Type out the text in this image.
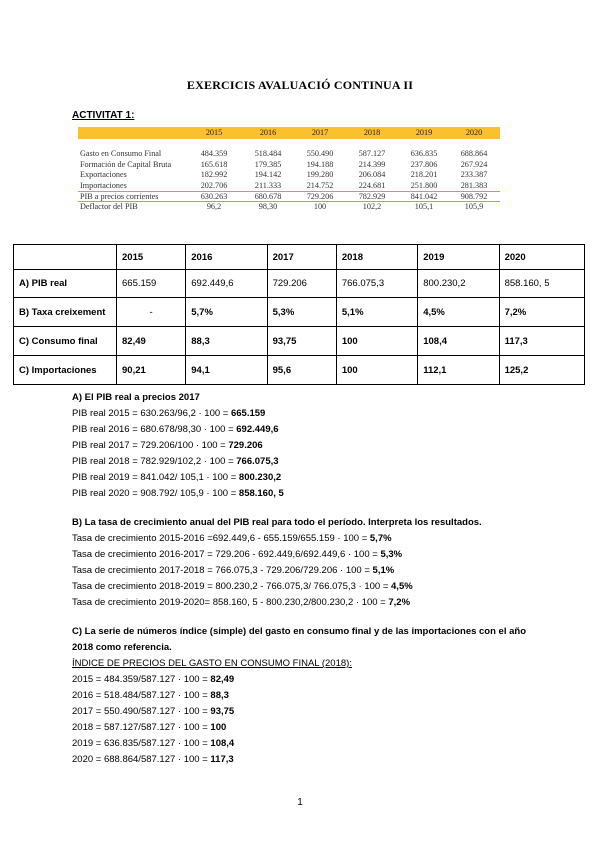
EXERCICIS AVALUACIÓ CONTINUA II
ACTIVITAT 1:
2015	2016	2017	2018	2019	2020
Gasto en Consumo Final	484.359	518.484	550.490	587.127	636.835	688.864
Formación de Capital Bruta	165.618	179.385	194.188	214.399	237.806	267.924
Exportaciones	182.992	194.142	199.280	206.084	218.201	233.387
Importaciones	202.706	211.333	214.752	224.681	251.800	281.383
PIB a precios corrientes	630.263	680.678	729.206	782.929	841.042	908.792
Deflactor del PIB	96,2	98,30	100	102,2	105,1	105,9
	2015	2016	2017	2018	2019	2020
A) PIB real	665.159	692.449,6	729.206	766.075,3	800.230,2	858.160, 5
B) Taxa creixement	-	5,7%	5,3%	5,1%	4,5%	7,2%
C) Consumo final	82,49	88,3	93,75	100	108,4	117,3
C) Importaciones	90,21	94,1	95,6	100	112,1	125,2
A) El PIB real a precios 2017
PIB real 2015 = 630.263/96,2 · 100 = 665.159
PIB real 2016 = 680.678/98,30 · 100 = 692.449,6
PIB real 2017 = 729.206/100 · 100 = 729.206
PIB real 2018 = 782.929/102,2 · 100 = 766.075,3
PIB real 2019 = 841.042/ 105,1 · 100 = 800.230,2
PIB real 2020 = 908.792/ 105,9 · 100 = 858.160, 5
B) La tasa de crecimiento anual del PIB real para todo el período. Interpreta los resultados.
Tasa de crecimiento 2015-2016 =692.449,6 - 655.159/655.159 · 100 = 5,7%
Tasa de crecimiento 2016-2017 = 729.206 - 692.449,6/692.449,6 · 100 = 5,3%
Tasa de crecimiento 2017-2018 = 766.075,3 - 729.206/729.206 · 100 = 5,1%
Tasa de crecimiento 2018-2019 = 800.230,2 - 766.075,3/ 766.075,3 · 100 = 4,5%
Tasa de crecimiento 2019-2020= 858.160, 5 - 800.230,2/800.230,2 · 100 = 7,2%
C) La serie de números índice (simple) del gasto en consumo final y de las importaciones con el año
2018 como referencia.
ÍNDICE DE PRECIOS DEL GASTO EN CONSUMO FINAL (2018):
2015 = 484.359/587.127 · 100 = 82,49
2016 = 518.484/587.127 · 100 = 88,3
2017 = 550.490/587.127 · 100 = 93,75
2018 = 587.127/587.127 · 100 = 100
2019 = 636.835/587.127 · 100 = 108,4
2020 = 688.864/587.127 · 100 = 117,3
1
